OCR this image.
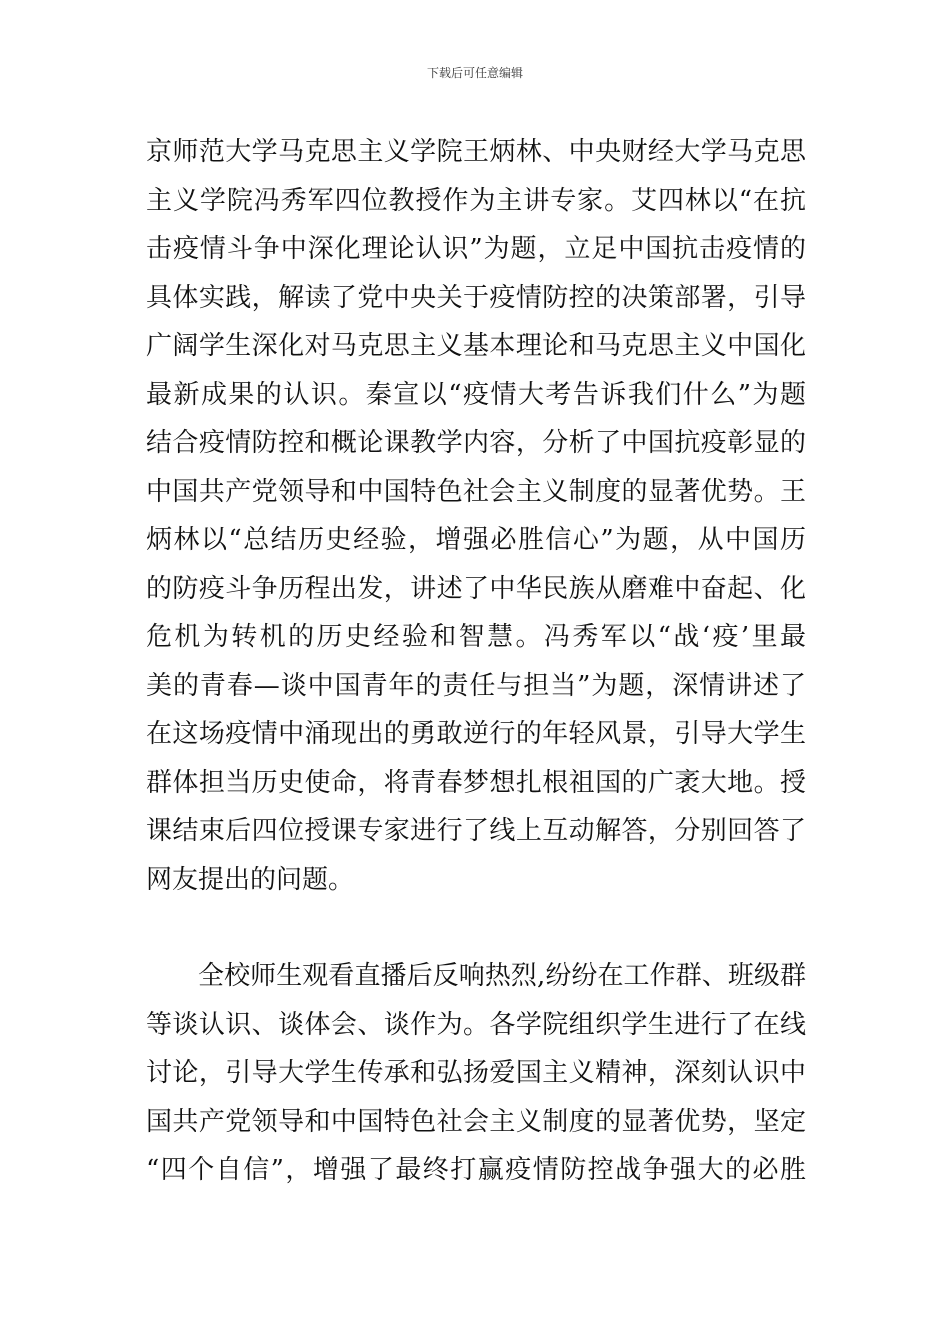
下载后可任意编辑
京师范大学马克思主义学院王炳林、中央财经大学马克思
主义学院冯秀军四位教授作为主讲专家。艾四林以“在抗
击疫情斗争中深化理论认识”为题，立足中国抗击疫情的
具体实践，解读了党中央关于疫情防控的决策部署，引导
广阔学生深化对马克思主义基本理论和马克思主义中国化
最新成果的认识。秦宣以“疫情大考告诉我们什么”为题
结合疫情防控和概论课教学内容，分析了中国抗疫彰显的
中国共产党领导和中国特色社会主义制度的显著优势。王
炳林以“总结历史经验，增强必胜信心”为题，从中国历
的防疫斗争历程出发，讲述了中华民族从磨难中奋起、化
危机为转机的历史经验和智慧。冯秀军以“战‘疫’里最
美的青春—谈中国青年的责任与担当”为题，深情讲述了
在这场疫情中涌现出的勇敢逆行的年轻风景，引导大学生
群体担当历史使命，将青春梦想扎根祖国的广袤大地。授
课结束后四位授课专家进行了线上互动解答，分别回答了
网友提出的问题。
全校师生观看直播后反响热烈,纷纷在工作群、班级群
等谈认识、谈体会、谈作为。各学院组织学生进行了在线
讨论，引导大学生传承和弘扬爱国主义精神，深刻认识中
国共产党领导和中国特色社会主义制度的显著优势，坚定
“四个自信”，增强了最终打赢疫情防控战争强大的必胜
